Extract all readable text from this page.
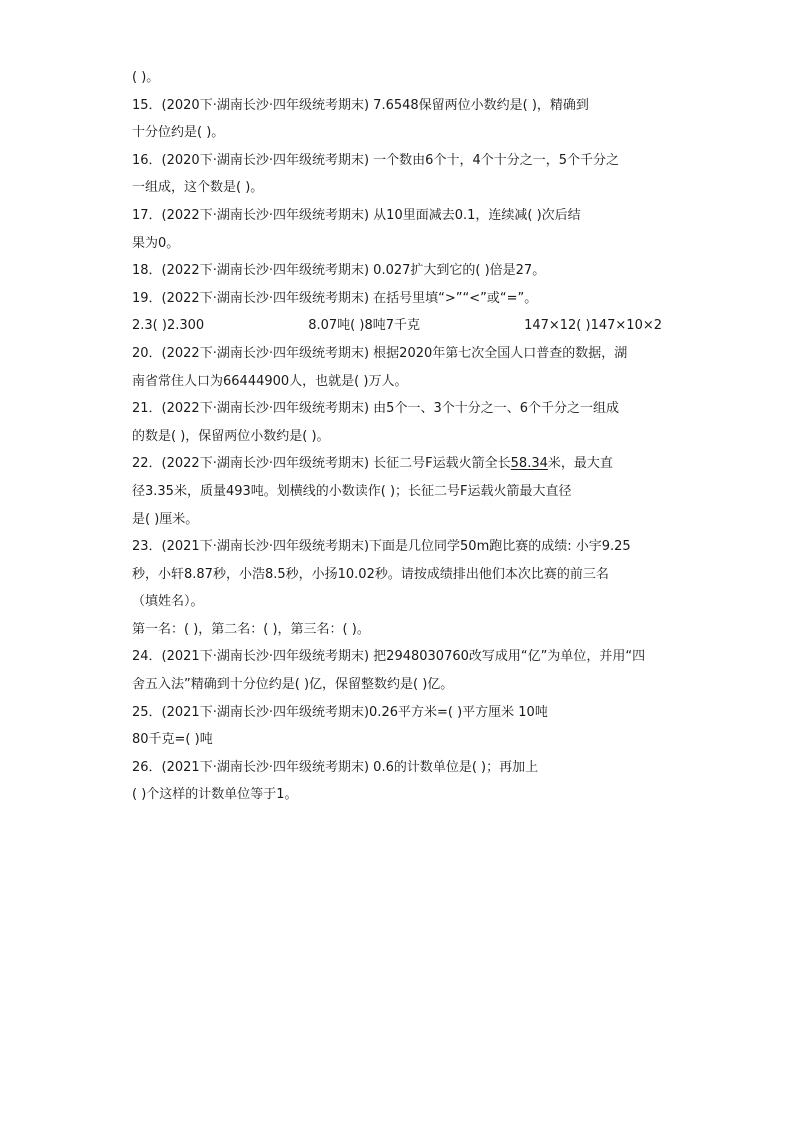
( )。
15．(2020下·湖南长沙·四年级统考期末) 7.6548保留两位小数约是( )，精确到
十分位约是( )。
16．(2020下·湖南长沙·四年级统考期末) 一个数由6个十，4个十分之一，5个千分之
一组成，这个数是( )。
17．(2022下·湖南长沙·四年级统考期末) 从10里面减去0.1，连续减( )次后结
果为0。
18．(2022下·湖南长沙·四年级统考期末) 0.027扩大到它的( )倍是27。
19．(2022下·湖南长沙·四年级统考期末) 在括号里填“>”“<”或“=”。
2.3( )2.300	8.07吨( )8吨7千克	147×12( )147×10×2
20．(2022下·湖南长沙·四年级统考期末) 根据2020年第七次全国人口普查的数据，湖
南省常住人口为66444900人，也就是( )万人。
21．(2022下·湖南长沙·四年级统考期末) 由5个一、3个十分之一、6个千分之一组成
的数是( )，保留两位小数约是( )。
22．(2022下·湖南长沙·四年级统考期末) 长征二号F运载火箭全长58.34米，最大直
径3.35米，质量493吨。划横线的小数读作( )；长征二号F运载火箭最大直径
是( )厘米。
23．(2021下·湖南长沙·四年级统考期末)下面是几位同学50m跑比赛的成绩: 小宇9.25
秒，小轩8.87秒，小浩8.5秒，小扬10.02秒。请按成绩排出他们本次比赛的前三名
（填姓名）。
第一名：( )，第二名：( )，第三名：( )。
24．(2021下·湖南长沙·四年级统考期末) 把2948030760改写成用“亿”为单位，并用“四
舍五入法”精确到十分位约是( )亿，保留整数约是( )亿。
25．(2021下·湖南长沙·四年级统考期末)0.26平方米=( )平方厘米 10吨
80千克=( )吨
26．(2021下·湖南长沙·四年级统考期末) 0.6的计数单位是( )；再加上
( )个这样的计数单位等于1。
